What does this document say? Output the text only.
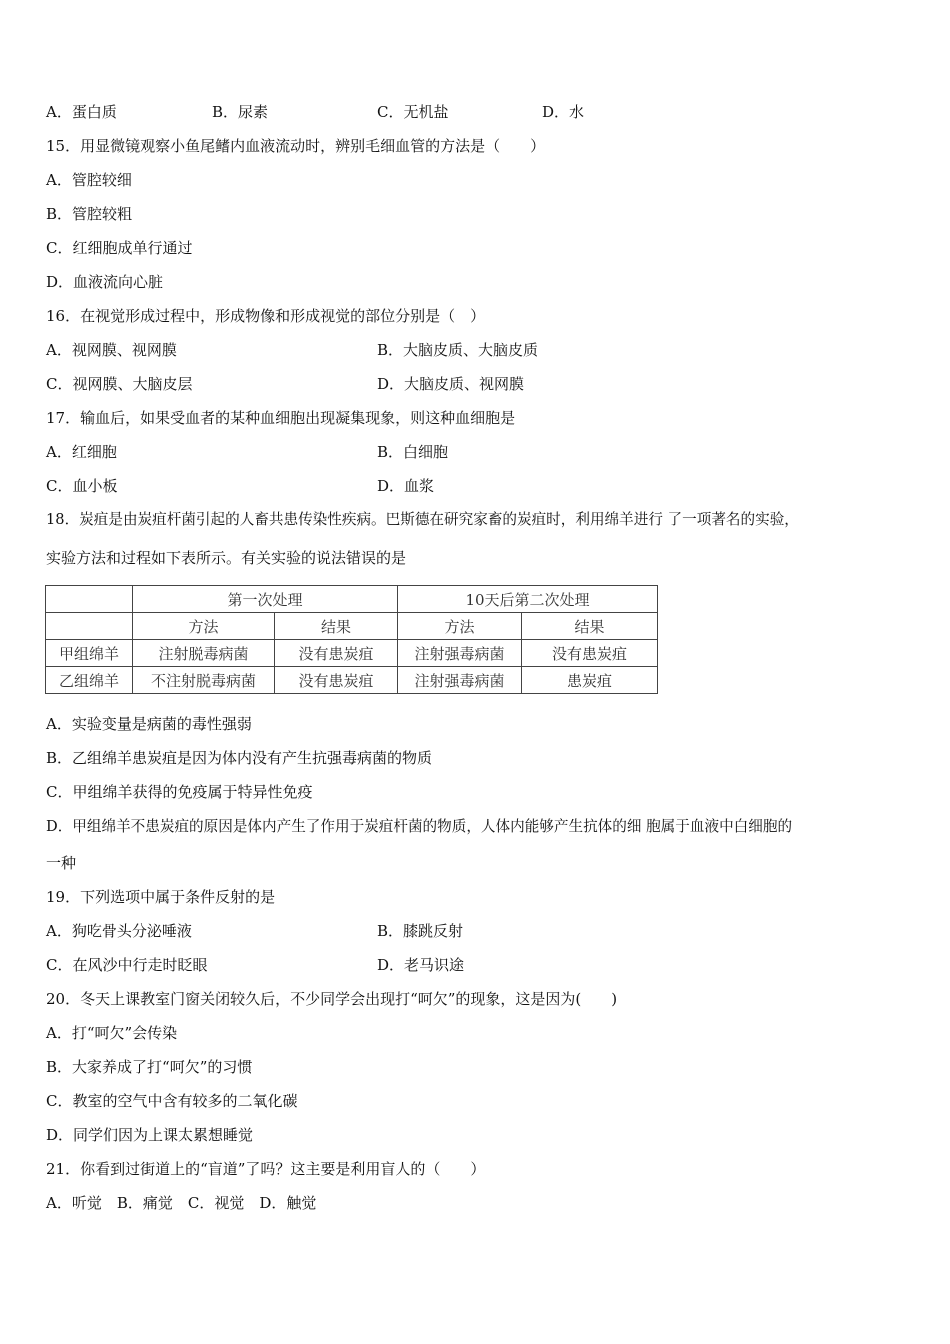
A．蛋白质	B．尿素	C．无机盐	D．水
15．用显微镜观察小鱼尾鳍内血液流动时，辨别毛细血管的方法是（　　）
A．管腔较细
B．管腔较粗
C．红细胞成单行通过
D．血液流向心脏
16．在视觉形成过程中，形成物像和形成视觉的部位分别是（　）
A．视网膜、视网膜	B．大脑皮质、大脑皮质
C．视网膜、大脑皮层	D．大脑皮质、视网膜
17．输血后，如果受血者的某种血细胞出现凝集现象，则这种血细胞是
A．红细胞	B．白细胞
C．血小板	D．血浆
18．炭疽是由炭疽杆菌引起的人畜共患传染性疾病。巴斯德在研究家畜的炭疽时，利用绵羊进行 了一项著名的实验，
实验方法和过程如下表所示。有关实验的说法错误的是
	第一次处理		10天后第二次处理	
	方法	结果	方法	结果
甲组绵羊	注射脱毒病菌	没有患炭疽	注射强毒病菌	没有患炭疽
乙组绵羊	不注射脱毒病菌	没有患炭疽	注射强毒病菌	患炭疽
A．实验变量是病菌的毒性强弱
B．乙组绵羊患炭疽是因为体内没有产生抗强毒病菌的物质
C．甲组绵羊获得的免疫属于特异性免疫
D．甲组绵羊不患炭疽的原因是体内产生了作用于炭疽杆菌的物质，人体内能够产生抗体的细 胞属于血液中白细胞的
一种
19．下列选项中属于条件反射的是
A．狗吃骨头分泌唾液	B．膝跳反射
C．在风沙中行走时眨眼	D．老马识途
20．冬天上课教室门窗关闭较久后，不少同学会出现打“呵欠”的现象，这是因为(　　)
A．打“呵欠”会传染
B．大家养成了打“呵欠”的习惯
C．教室的空气中含有较多的二氧化碳
D．同学们因为上课太累想睡觉
21．你看到过街道上的“盲道”了吗？这主要是利用盲人的（　　）
A．听觉　B．痛觉　C．视觉　D．触觉
